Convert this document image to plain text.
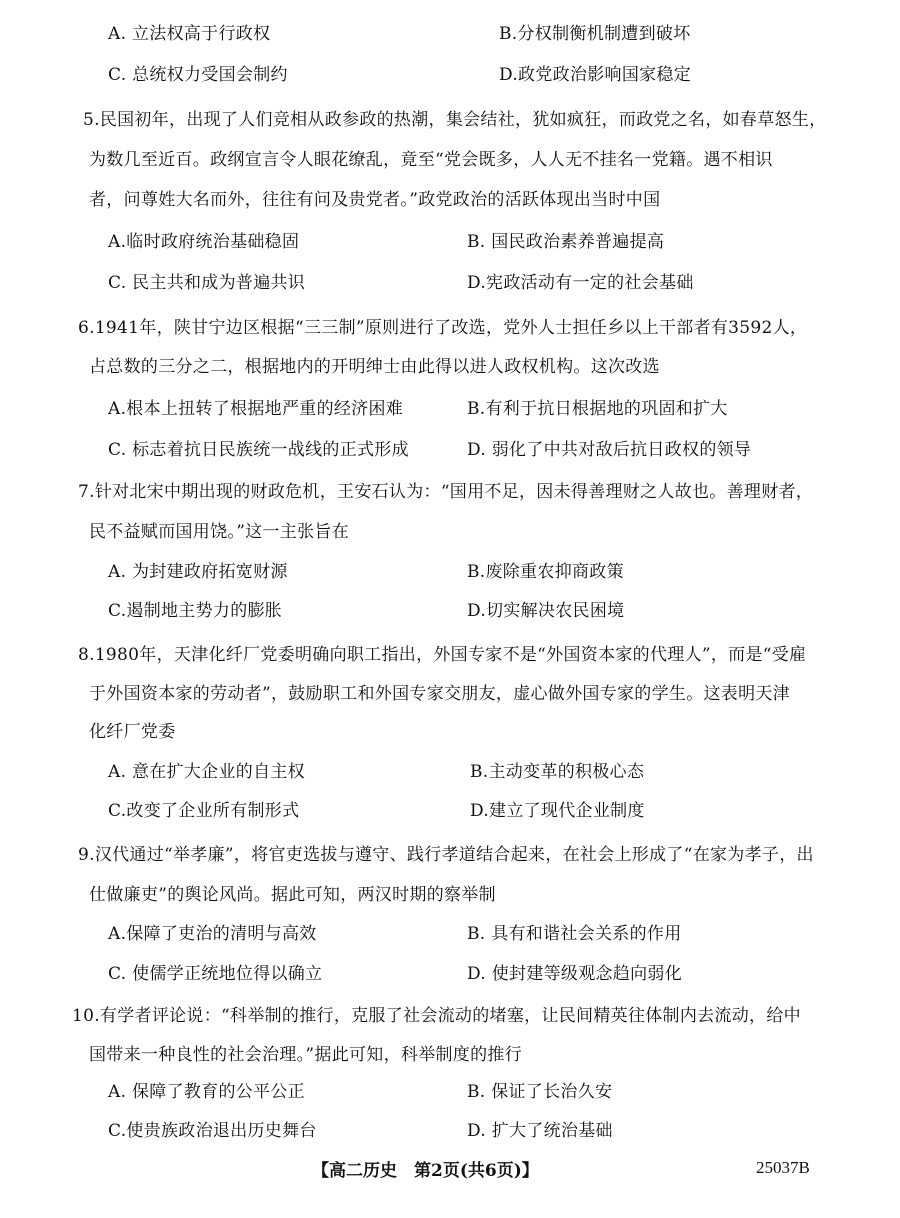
A. 立法权高于行政权	B.分权制衡机制遭到破坏
C. 总统权力受国会制约	D.政党政治影响国家稳定
5.民国初年，出现了人们竞相从政参政的热潮，集会结社，犹如疯狂，而政党之名，如春草怒生，
为数几至近百。政纲宣言令人眼花缭乱，竟至“党会既多，人人无不挂名一党籍。遇不相识
者，问尊姓大名而外，往往有问及贵党者。”政党政治的活跃体现出当时中国
A.临时政府统治基础稳固	B. 国民政治素养普遍提高
C. 民主共和成为普遍共识	D.宪政活动有一定的社会基础
6.1941年，陕甘宁边区根据“三三制”原则进行了改选，党外人士担任乡以上干部者有3592人，
占总数的三分之二，根据地内的开明绅士由此得以进人政权机构。这次改选
A.根本上扭转了根据地严重的经济困难	B.有利于抗日根据地的巩固和扩大
C. 标志着抗日民族统一战线的正式形成	D. 弱化了中共对敌后抗日政权的领导
7.针对北宋中期出现的财政危机，王安石认为：“国用不足，因未得善理财之人故也。善理财者，
民不益赋而国用饶。”这一主张旨在
A. 为封建政府拓宽财源	B.废除重农抑商政策
C.遏制地主势力的膨胀	D.切实解决农民困境
8.1980年，天津化纤厂党委明确向职工指出，外国专家不是“外国资本家的代理人”，而是“受雇
于外国资本家的劳动者”，鼓励职工和外国专家交朋友，虚心做外国专家的学生。这表明天津
化纤厂党委
A. 意在扩大企业的自主权	B.主动变革的积极心态
C.改变了企业所有制形式	D.建立了现代企业制度
9.汉代通过“举孝廉”，将官吏选拔与遵守、践行孝道结合起来，在社会上形成了“在家为孝子，出
仕做廉吏”的舆论风尚。据此可知，两汉时期的察举制
A.保障了吏治的清明与高效	B. 具有和谐社会关系的作用
C. 使儒学正统地位得以确立	D. 使封建等级观念趋向弱化
10.有学者评论说：“科举制的推行，克服了社会流动的堵塞，让民间精英往体制内去流动，给中
国带来一种良性的社会治理。”据此可知，科举制度的推行
A. 保障了教育的公平公正	B. 保证了长治久安
C.使贵族政治退出历史舞台	D. 扩大了统治基础
【高二历史　第2页(共6页)】	25037B
